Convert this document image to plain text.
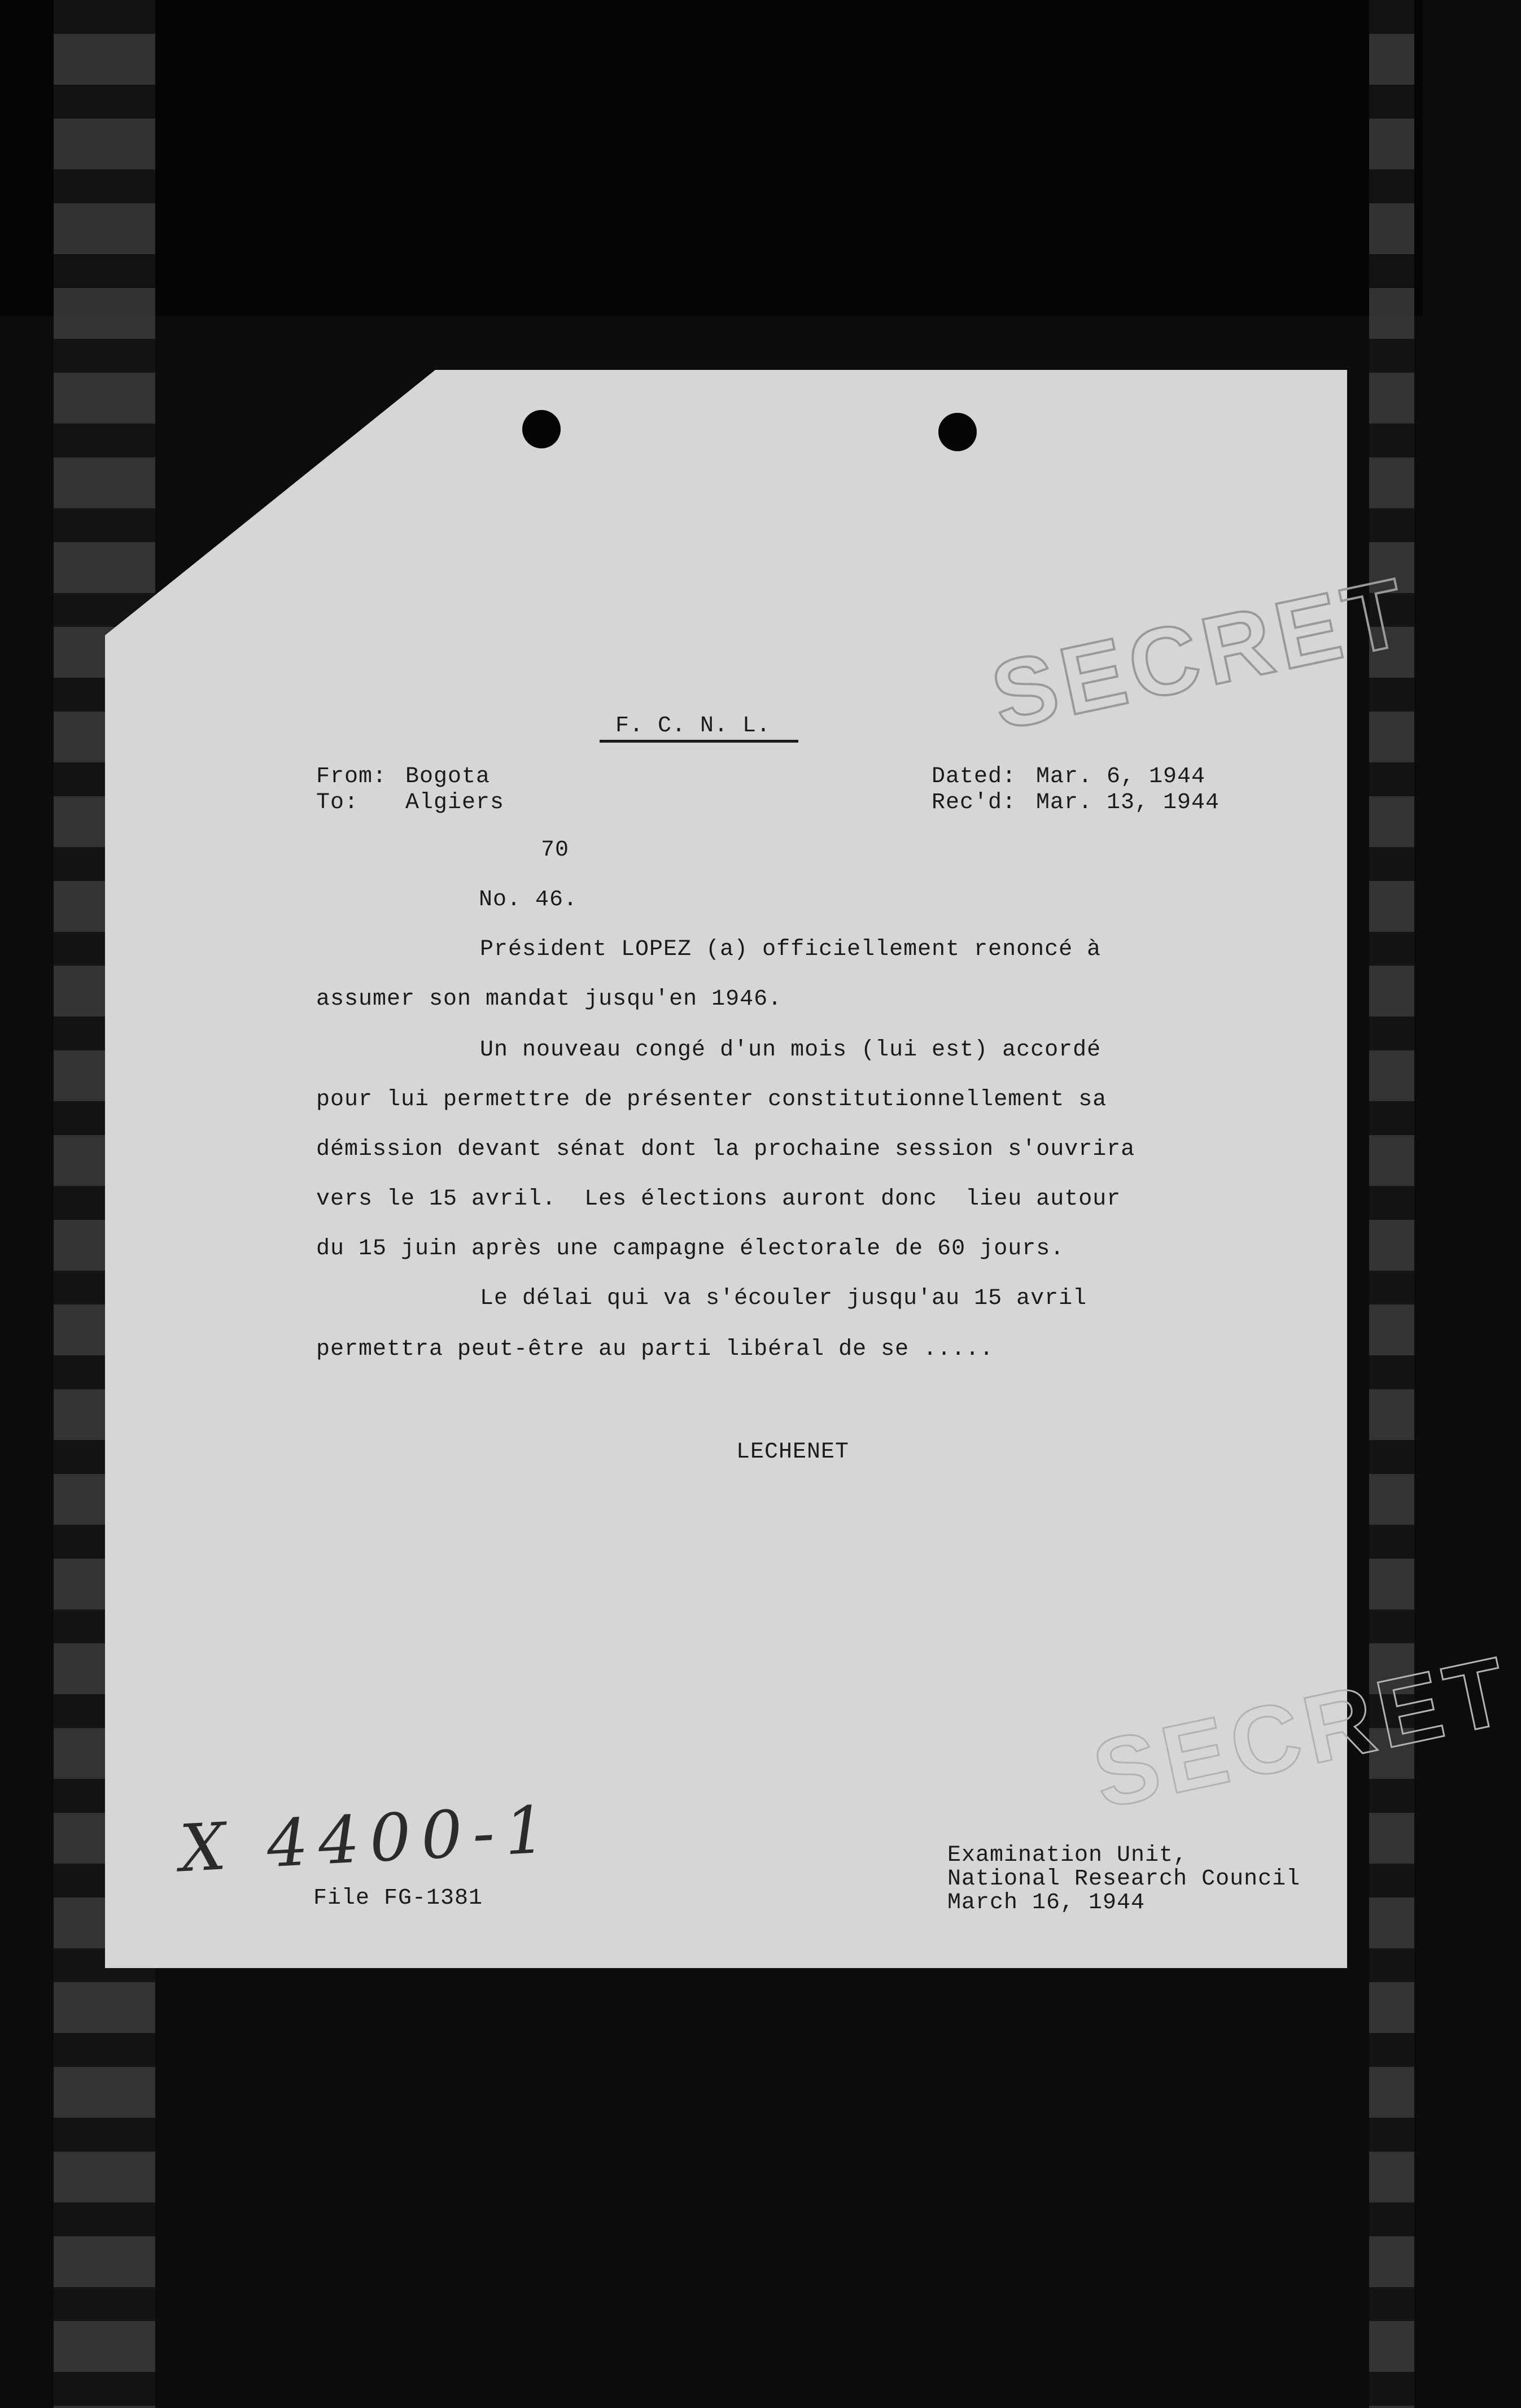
SECRET
SECRET
F. C. N. L.
From: Bogota
To: Algiers
Dated: Mar. 6, 1944
Rec'd: Mar. 13, 1944
70
No. 46.
Président LOPEZ (a) officiellement renoncé à
assumer son mandat jusqu'en 1946.
Un nouveau congé d'un mois (lui est) accordé
pour lui permettre de présenter constitutionnellement sa
démission devant sénat dont la prochaine session s'ouvrira
vers le 15 avril.  Les élections auront donc  lieu autour
du 15 juin après une campagne électorale de 60 jours.
Le délai qui va s'écouler jusqu'au 15 avril
permettra peut-être au parti libéral de se .....
LECHENET
X 4400-1
File FG-1381
Examination Unit,
National Research Council
March 16, 1944
